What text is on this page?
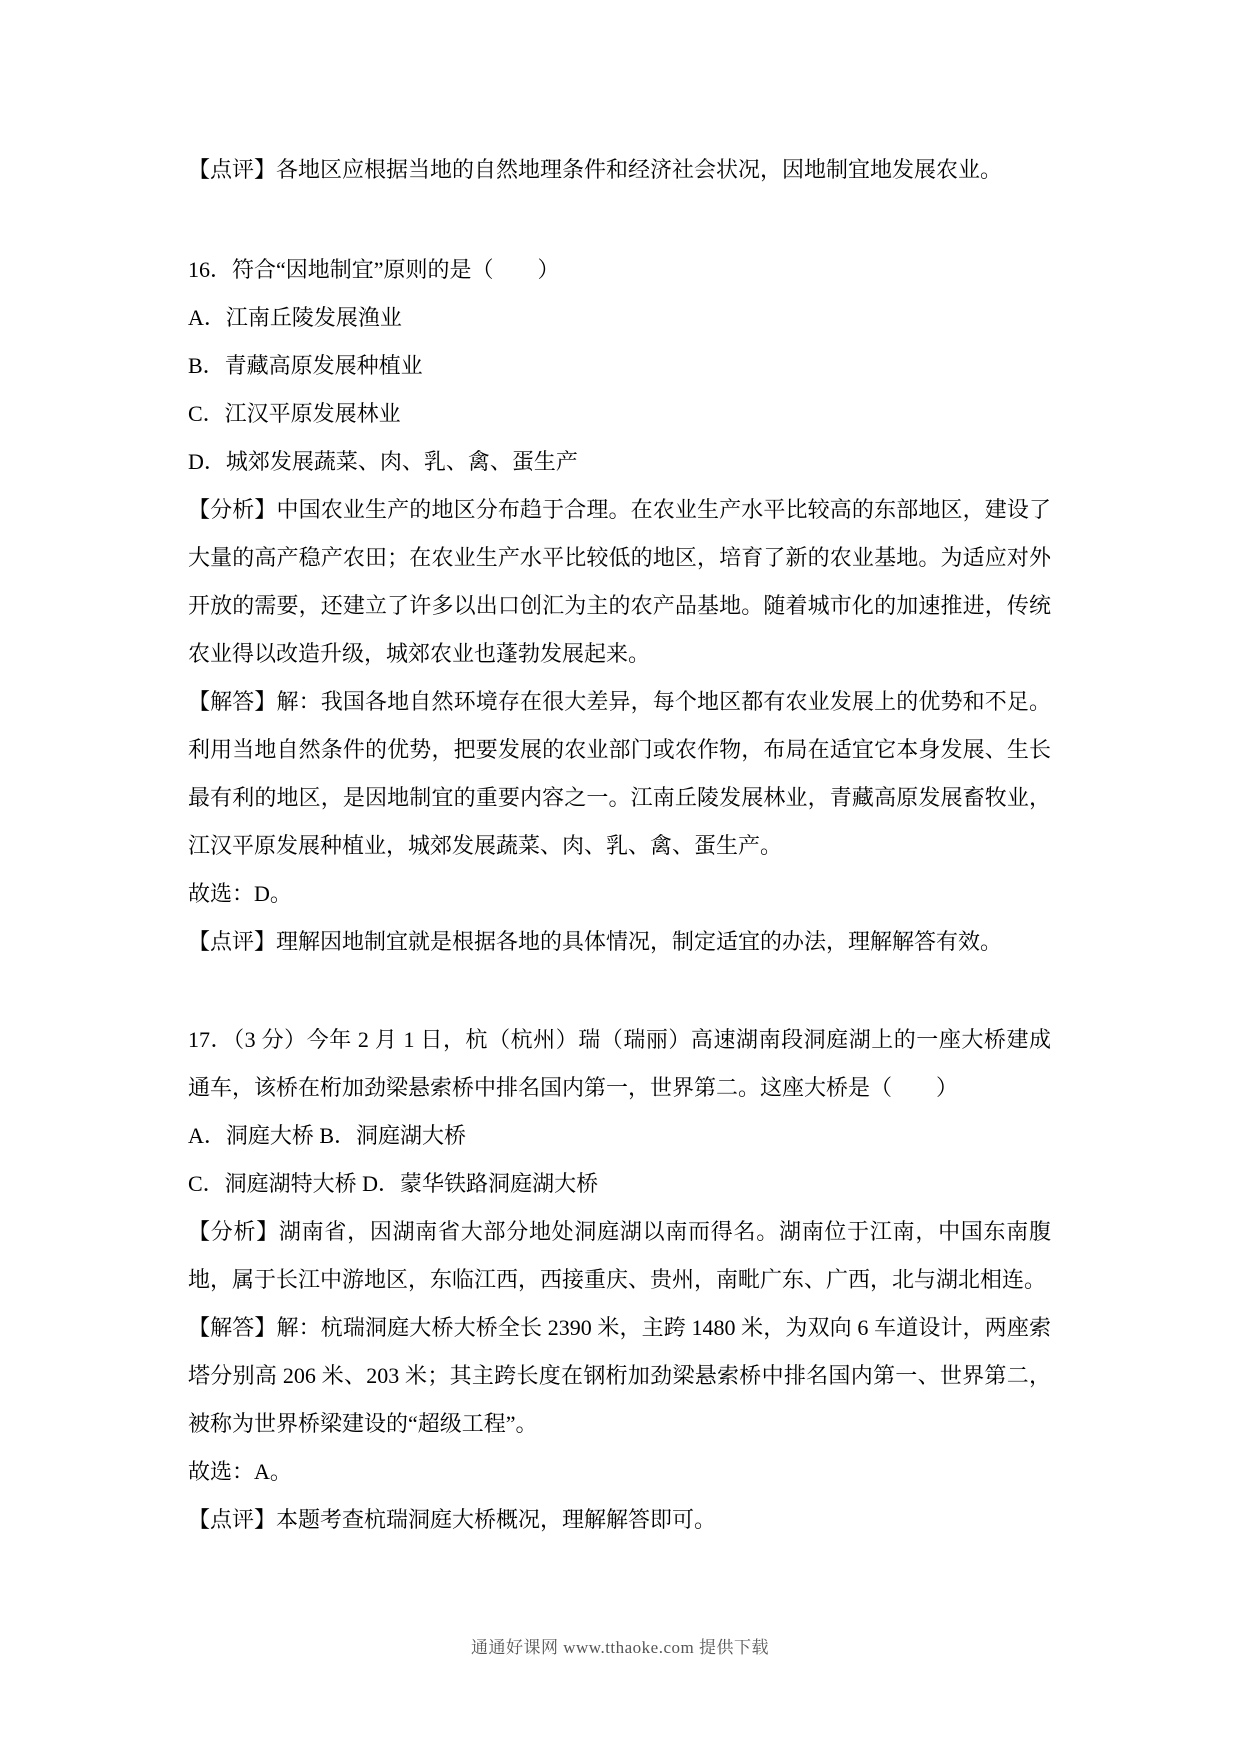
【点评】各地区应根据当地的自然地理条件和经济社会状况，因地制宜地发展农业。

16．符合“因地制宜”原则的是（　　）

A．江南丘陵发展渔业

B．青藏高原发展种植业

C．江汉平原发展林业

D．城郊发展蔬菜、肉、乳、禽、蛋生产

【分析】中国农业生产的地区分布趋于合理。在农业生产水平比较高的东部地区，建设了大量的高产稳产农田；在农业生产水平比较低的地区，培育了新的农业基地。为适应对外开放的需要，还建立了许多以出口创汇为主的农产品基地。随着城市化的加速推进，传统农业得以改造升级，城郊农业也蓬勃发展起来。

【解答】解：我国各地自然环境存在很大差异，每个地区都有农业发展上的优势和不足。利用当地自然条件的优势，把要发展的农业部门或农作物，布局在适宜它本身发展、生长最有利的地区，是因地制宜的重要内容之一。江南丘陵发展林业，青藏高原发展畜牧业，江汉平原发展种植业，城郊发展蔬菜、肉、乳、禽、蛋生产。

故选：D。

【点评】理解因地制宜就是根据各地的具体情况，制定适宜的办法，理解解答有效。

17．（3 分）今年 2 月 1 日，杭（杭州）瑞（瑞丽）高速湖南段洞庭湖上的一座大桥建成通车，该桥在桁加劲梁悬索桥中排名国内第一，世界第二。这座大桥是（　　）

A．洞庭大桥 B．洞庭湖大桥

C．洞庭湖特大桥 D．蒙华铁路洞庭湖大桥

【分析】湖南省，因湖南省大部分地处洞庭湖以南而得名。湖南位于江南，中国东南腹地，属于长江中游地区，东临江西，西接重庆、贵州，南毗广东、广西，北与湖北相连。

【解答】解：杭瑞洞庭大桥大桥全长 2390 米，主跨 1480 米，为双向 6 车道设计，两座索塔分别高 206 米、203 米；其主跨长度在钢桁加劲梁悬索桥中排名国内第一、世界第二，被称为世界桥梁建设的“超级工程”。

故选：A。

【点评】本题考查杭瑞洞庭大桥概况，理解解答即可。

通通好课网 www.tthaoke.com 提供下载
